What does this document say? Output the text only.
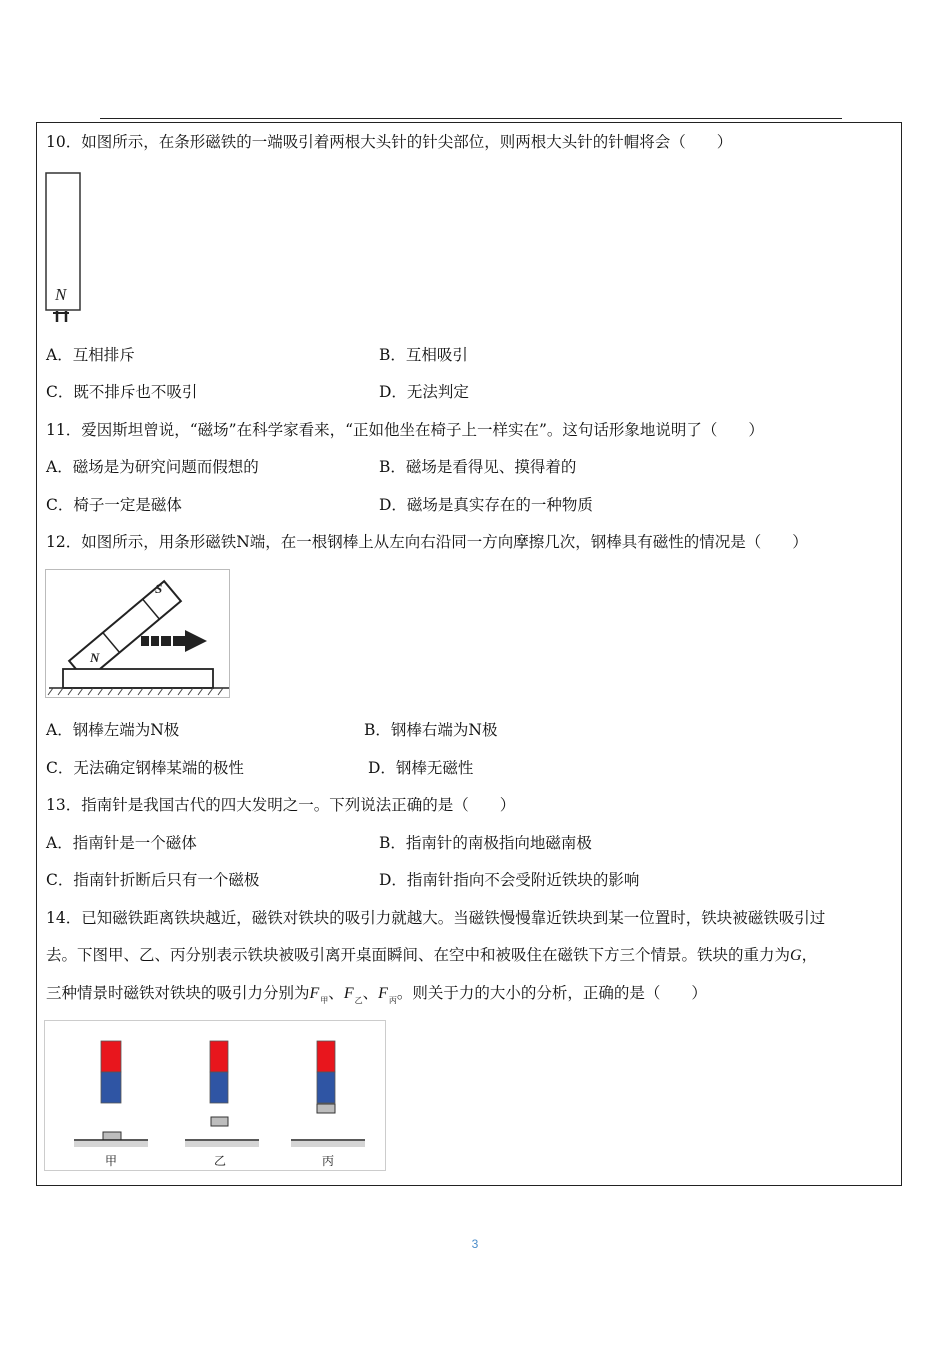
10．如图所示，在条形磁铁的一端吸引着两根大头针的针尖部位，则两根大头针的针帽将会（　　）
N
A．互相排斥	B．互相吸引
C．既不排斥也不吸引	D．无法判定
11．爱因斯坦曾说，“磁场”在科学家看来，“正如他坐在椅子上一样实在”。这句话形象地说明了（　　）
A．磁场是为研究问题而假想的	B．磁场是看得见、摸得着的
C．椅子一定是磁体	D．磁场是真实存在的一种物质
12．如图所示，用条形磁铁N端，在一根钢棒上从左向右沿同一方向摩擦几次，钢棒具有磁性的情况是（　　）
S
N
A．钢棒左端为N极	B．钢棒右端为N极
C．无法确定钢棒某端的极性	D．钢棒无磁性
13．指南针是我国古代的四大发明之一。下列说法正确的是（　　）
A．指南针是一个磁体	B．指南针的南极指向地磁南极
C．指南针折断后只有一个磁极	D．指南针指向不会受附近铁块的影响
14．已知磁铁距离铁块越近，磁铁对铁块的吸引力就越大。当磁铁慢慢靠近铁块到某一位置时，铁块被磁铁吸引过
去。下图甲、乙、丙分别表示铁块被吸引离开桌面瞬间、在空中和被吸住在磁铁下方三个情景。铁块的重力为G，
三种情景时磁铁对铁块的吸引力分别为$F_甲$、$F_乙$、$F_丙$。则关于力的大小的分析，正确的是（　　）
甲	乙	丙
3
